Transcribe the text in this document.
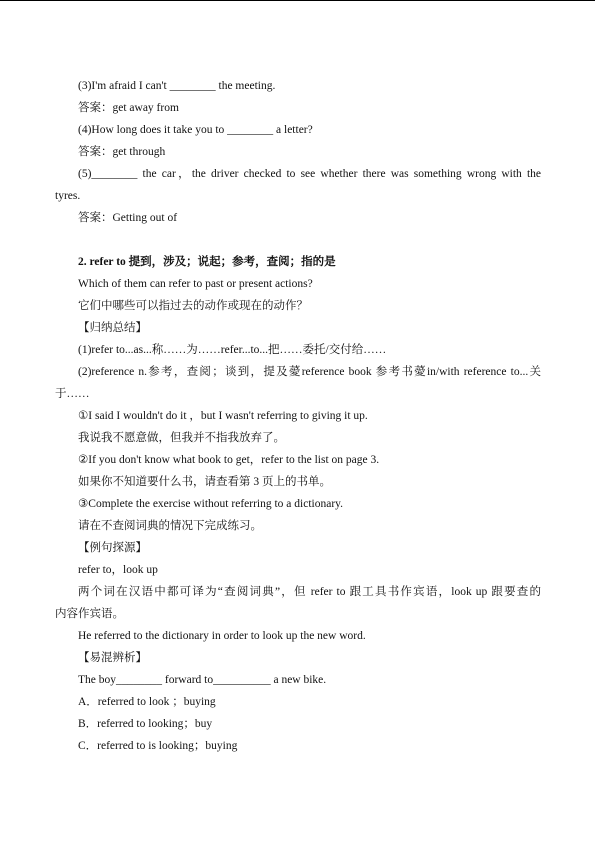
(3)I'm afraid I can't ________ the meeting.
答案：get away from
(4)How long does it take you to ________ a letter?
答案：get through
(5)________ the car，the driver checked to see whether there was something wrong with the
tyres.
答案：Getting out of
2. refer to 提到，涉及；说起；参考，查阅；指的是
Which of them can refer to past or present actions?
它们中哪些可以指过去的动作或现在的动作？
【归纳总结】
(1)refer to...as...称……为……refer...to...把……委托/交付给……
(2)reference n.参考，查阅；谈到，提及薆reference book 参考书薆in/with reference to...关
于……
①I said I wouldn't do it ，but I wasn't referring to giving it up.
我说我不愿意做，但我并不指我放弃了。
②If you don't know what book to get，refer to the list on page 3.
如果你不知道要什么书，请查看第 3 页上的书单。
③Complete the exercise without referring to a dictionary.
请在不查阅词典的情况下完成练习。
【例句探源】
refer to，look up
两个词在汉语中都可译为“查阅词典”，但 refer to 跟工具书作宾语，look up 跟要查的
内容作宾语。
He referred to the dictionary in order to look up the new word.
【易混辨析】
The boy________ forward to__________ a new bike.
A．referred to look ；buying
B．referred to looking；buy
C．referred to is looking；buying
